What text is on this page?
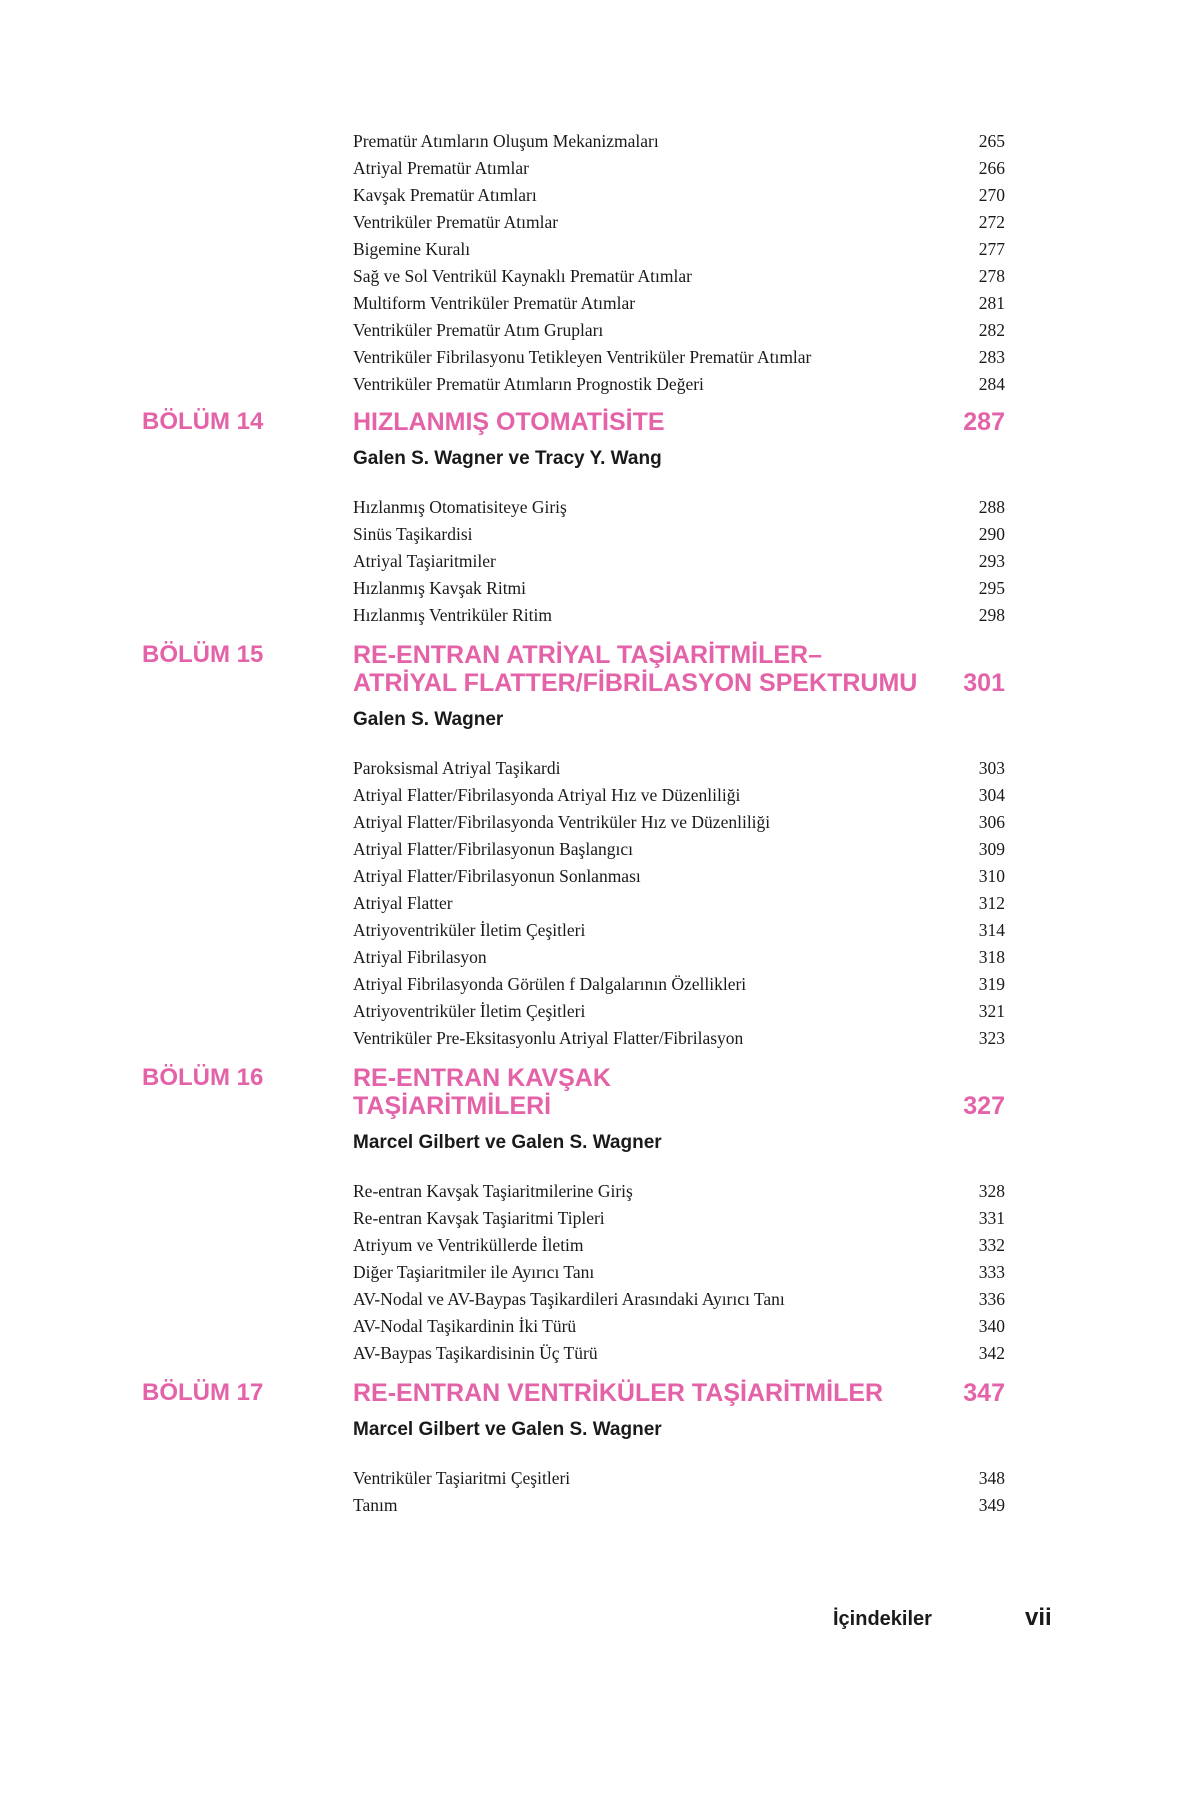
Prematür Atımların Oluşum Mekanizmaları	265
Atriyal Prematür Atımlar	266
Kavşak Prematür Atımları	270
Ventriküler Prematür Atımlar	272
Bigemine Kuralı	277
Sağ ve Sol Ventrikül Kaynaklı Prematür Atımlar	278
Multiform Ventriküler Prematür Atımlar	281
Ventriküler Prematür Atım Grupları	282
Ventriküler Fibrilasyonu Tetikleyen Ventriküler Prematür Atımlar	283
Ventriküler Prematür Atımların Prognostik Değeri	284
BÖLÜM 14	HIZLANMIŞ OTOMATİSİTE	287
Galen S. Wagner ve Tracy Y. Wang
Hızlanmış Otomatisiteye Giriş	288
Sinüs Taşikardisi	290
Atriyal Taşiaritmiler	293
Hızlanmış Kavşak Ritmi	295
Hızlanmış Ventriküler Ritim	298
BÖLÜM 15	RE-ENTRAN ATRİYAL TAŞİARİTMİLER–
ATRİYAL FLATTER/FİBRİLASYON SPEKTRUMU 301
Galen S. Wagner
Paroksismal Atriyal Taşikardi	303
Atriyal Flatter/Fibrilasyonda Atriyal Hız ve Düzenliliği	304
Atriyal Flatter/Fibrilasyonda Ventriküler Hız ve Düzenliliği	306
Atriyal Flatter/Fibrilasyonun Başlangıcı	309
Atriyal Flatter/Fibrilasyonun Sonlanması	310
Atriyal Flatter	312
Atriyoventriküler İletim Çeşitleri	314
Atriyal Fibrilasyon	318
Atriyal Fibrilasyonda Görülen f Dalgalarının Özellikleri	319
Atriyoventriküler İletim Çeşitleri	321
Ventriküler Pre-Eksitasyonlu Atriyal Flatter/Fibrilasyon	323
BÖLÜM 16	RE-ENTRAN KAVŞAK
TAŞİARİTMİLERİ	327
Marcel Gilbert ve Galen S. Wagner
Re-entran Kavşak Taşiaritmilerine Giriş	328
Re-entran Kavşak Taşiaritmi Tipleri	331
Atriyum ve Ventriküllerde İletim	332
Diğer Taşiaritmiler ile Ayırıcı Tanı	333
AV-Nodal ve AV-Baypas Taşikardileri Arasındaki Ayırıcı Tanı	336
AV-Nodal Taşikardinin İki Türü	340
AV-Baypas Taşikardisinin Üç Türü	342
BÖLÜM 17	RE-ENTRAN VENTRİKÜLER TAŞİARİTMİLER	347
Marcel Gilbert ve Galen S. Wagner
Ventriküler Taşiaritmi Çeşitleri	348
Tanım	349
İçindekiler	vii
